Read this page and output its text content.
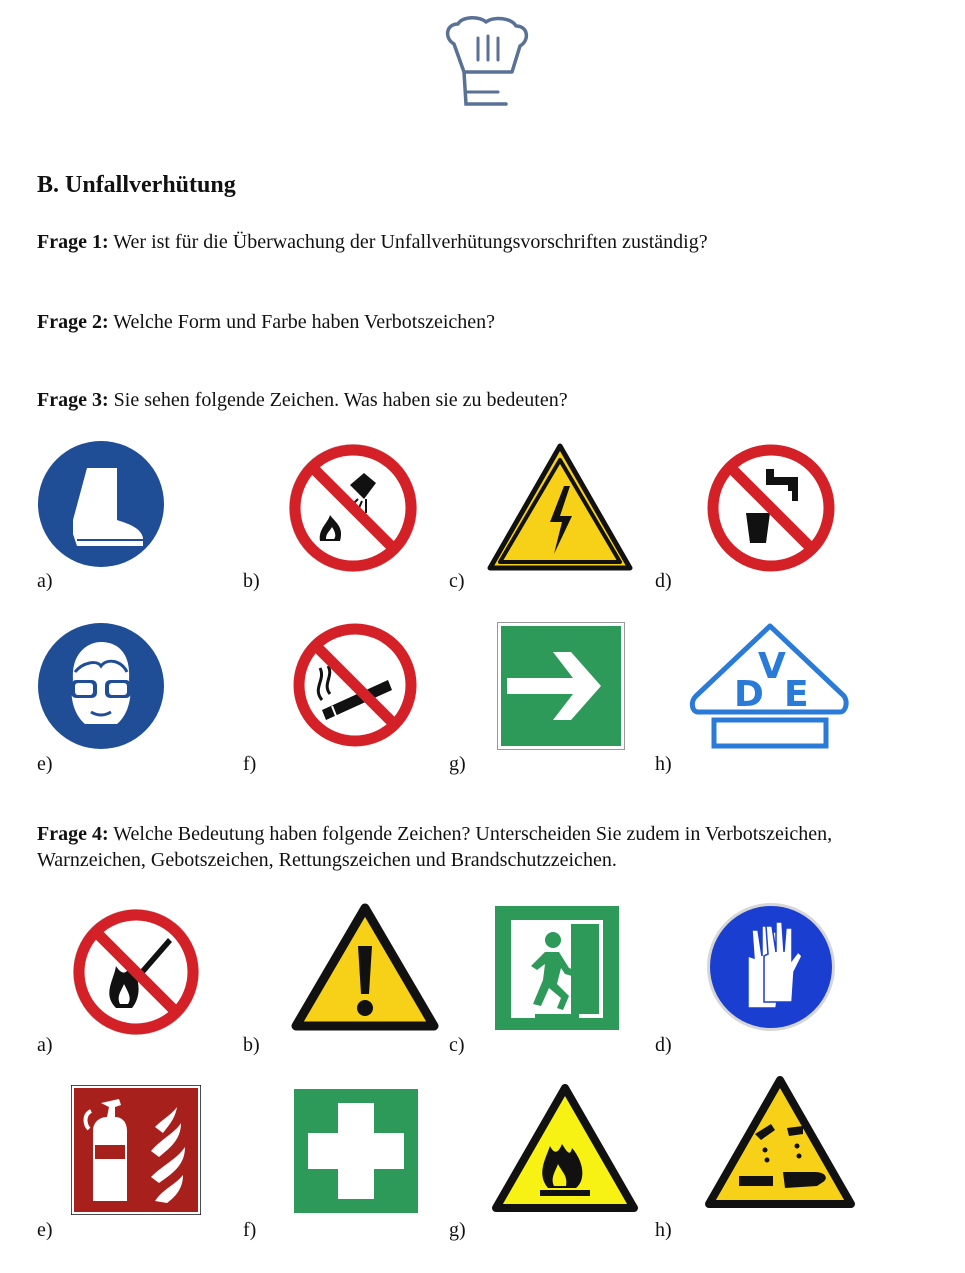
B. Unfallverhütung

Frage 1: Wer ist für die Überwachung der Unfallverhütungsvorschriften zuständig?

Frage 2: Welche Form und Farbe haben Verbotszeichen?

Frage 3: Sie sehen folgende Zeichen. Was haben sie zu bedeuten?

a)	b)	c)	d)
D
V
E
e)	f)	g)	h)

Frage 4: Welche Bedeutung haben folgende Zeichen? Unterscheiden Sie zudem in Verbotszeichen, Warnzeichen, Gebotszeichen, Rettungszeichen und Brandschutzzeichen.

a)	b)	c)	d)
e)	f)	g)	h)
